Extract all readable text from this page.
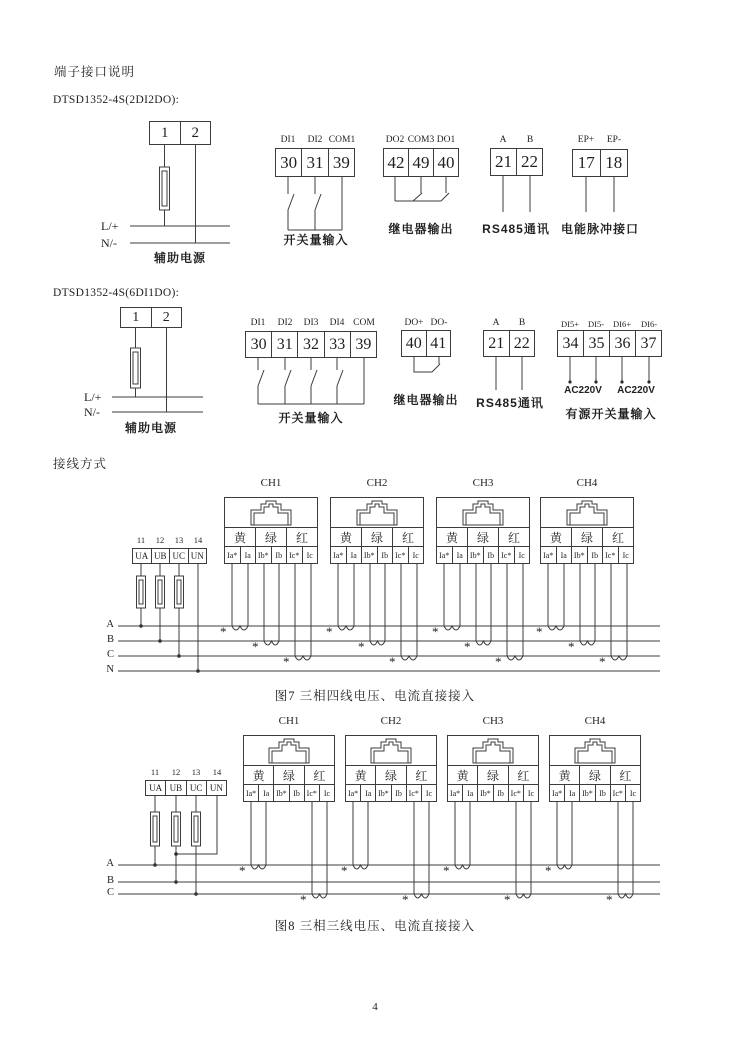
端子接口说明
DTSD1352-4S(2DI2DO):
1	2
L/+
N/-
辅助电源
DI1 DI2 COM1
30 31 39
开关量输入
DO2 COM3 DO1
42 49 40
继电器输出
A B
21 22
RS485通讯
EP+ EP-
17 18
电能脉冲接口
DTSD1352-4S(6DI1DO):
1	2
L/+
N/-
辅助电源
DI1 DI2 DI3 DI4 COM
30 31 32 33 39
开关量输入
DO+ DO-
40 41
继电器输出
A B
21 22
RS485通讯
DI5+ DI5- DI6+ DI6-
34 35 36 37
AC220V AC220V
有源开关量输入
接线方式
CH1	CH2	CH3	CH4
黄	绿	红
Ia* Ia Ib* Ib Ic* Ic
黄	绿	红
Ia* Ia Ib* Ib Ic* Ic
黄	绿	红
Ia* Ia Ib* Ib Ic* Ic
黄	绿	红
Ia* Ia Ib* Ib Ic* Ic
11 12 13 14
UA UB UC UN
A
B
C
N
*
*
*
*
*
*
*
*
*
*
*
*
图7 三相四线电压、电流直接接入
CH1	CH2	CH3	CH4
黄	绿	红
Ia* Ia Ib* Ib Ic* Ic
黄	绿	红
Ia* Ia Ib* Ib Ic* Ic
黄	绿	红
Ia* Ia Ib* Ib Ic* Ic
黄	绿	红
Ia* Ia Ib* Ib Ic* Ic
11 12 13 14
UA UB UC UN
A
B
C
*
*
*
*
*
*
*
*
图8 三相三线电压、电流直接接入
4
